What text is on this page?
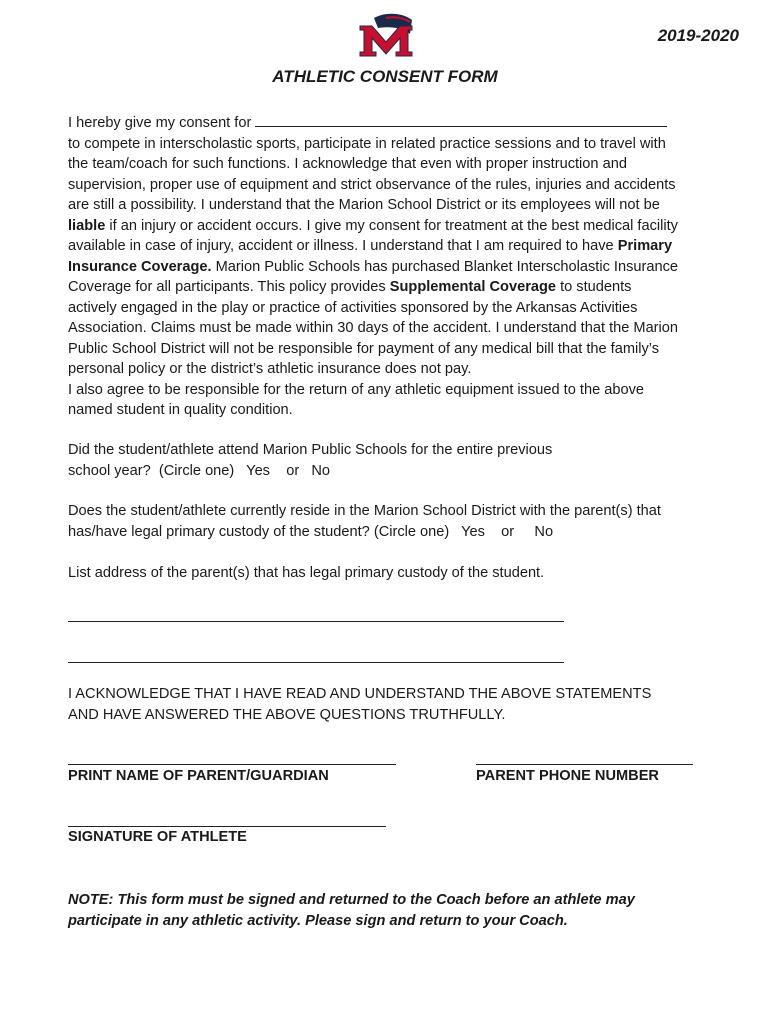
2019-2020
ATHLETIC CONSENT FORM

I hereby give my consent for

to compete in interscholastic sports, participate in related practice sessions and to travel with

the team/coach for such functions. I acknowledge that even with proper instruction and

supervision, proper use of equipment and strict observance of the rules, injuries and accidents

are still a possibility. I understand that the Marion School District or its employees will not be

liable if an injury or accident occurs. I give my consent for treatment at the best medical facility

available in case of injury, accident or illness. I understand that I am required to have Primary

Insurance Coverage. Marion Public Schools has purchased Blanket Interscholastic Insurance

Coverage for all participants. This policy provides Supplemental Coverage to students

actively engaged in the play or practice of activities sponsored by the Arkansas Activities

Association. Claims must be made within 30 days of the accident. I understand that the Marion

Public School District will not be responsible for payment of any medical bill that the family’s

personal policy or the district’s athletic insurance does not pay.

I also agree to be responsible for the return of any athletic equipment issued to the above

named student in quality condition.

Did the student/athlete attend Marion Public Schools for the entire previous
school year?  (Circle one)   Yes    or   No
Does the student/athlete currently reside in the Marion School District with the parent(s) that
has/have legal primary custody of the student? (Circle one)   Yes    or     No
List address of the parent(s) that has legal primary custody of the student.
I ACKNOWLEDGE THAT I HAVE READ AND UNDERSTAND THE ABOVE STATEMENTS
AND HAVE ANSWERED THE ABOVE QUESTIONS TRUTHFULLY.
PRINT NAME OF PARENT/GUARDIAN	PARENT PHONE NUMBER
SIGNATURE OF ATHLETE
NOTE: This form must be signed and returned to the Coach before an athlete may
participate in any athletic activity. Please sign and return to your Coach.
